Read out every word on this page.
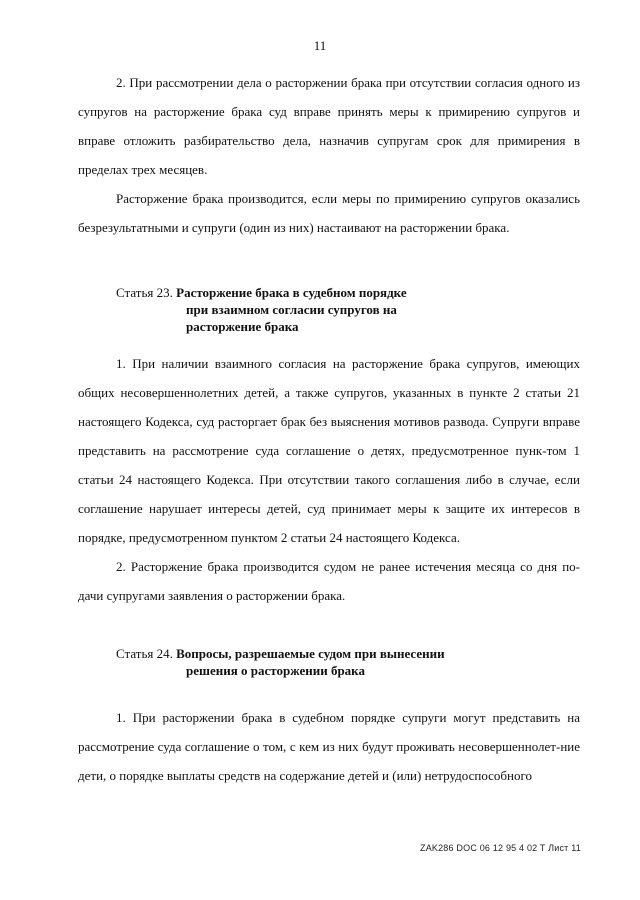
11

2. При рассмотрении дела о расторжении брака при отсутствии согласия одного из супругов на расторжение брака суд вправе принять меры к примирению супругов и вправе отложить разбирательство дела, назначив супругам срок для примирения в пределах трех месяцев.

Расторжение брака производится, если меры по примирению супругов оказались безрезультатными и супруги (один из них) настаивают на расторжении брака.

Статья 23. Расторжение брака в судебном порядке
при взаимном согласии супругов на
расторжение брака

1. При наличии взаимного согласия на расторжение брака супругов, имеющих общих несовершеннолетних детей, а также супругов, указанных в пункте 2 статьи 21 настоящего Кодекса, суд расторгает брак без выяснения мотивов развода. Супруги вправе представить на рассмотрение суда соглашение о детях, предусмотренное пунк-том 1 статьи 24 настоящего Кодекса. При отсутствии такого соглашения либо в случае, если соглашение нарушает интересы детей, суд принимает меры к защите их интересов в порядке, предусмотренном пунктом 2 статьи 24 настоящего Кодекса.

2. Расторжение брака производится судом не ранее истечения месяца со дня по-дачи супругами заявления о расторжении брака.

Статья 24. Вопросы, разрешаемые судом при вынесении
решения о расторжении брака

1. При расторжении брака в судебном порядке супруги могут представить на рассмотрение суда соглашение о том, с кем из них будут проживать несовершеннолет-ние дети, о порядке выплаты средств на содержание детей и (или) нетрудоспособного

ZAK286 DOC 06 12 95 4 02 T Лист 11
